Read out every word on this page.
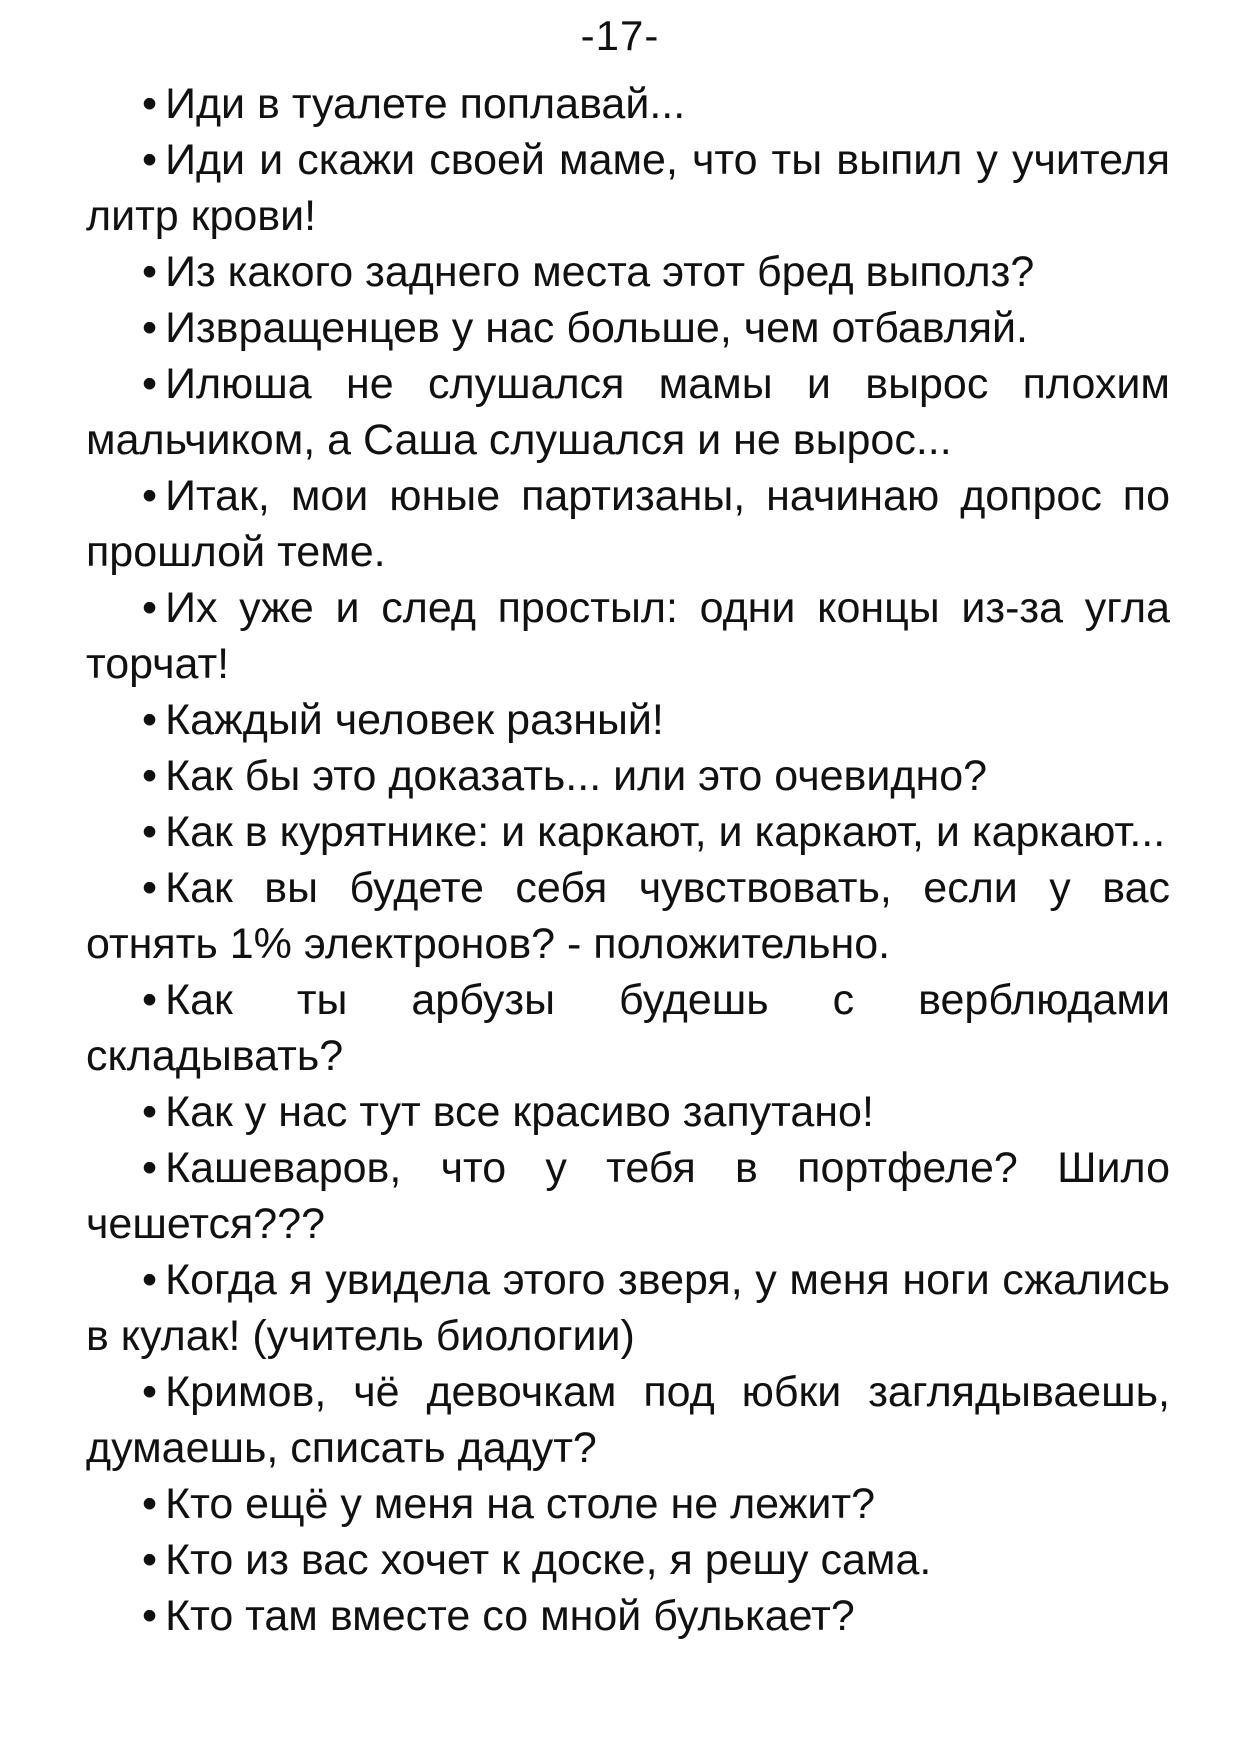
-17-

• Иди в туалете поплавай...

• Иди и скажи своей маме, что ты выпил у учителя литр крови!

• Из какого заднего места этот бред выполз?

• Извращенцев у нас больше, чем отбавляй.

• Илюша не слушался мамы и вырос плохим мальчиком, а Саша слушался и не вырос...

• Итак, мои юные партизаны, начинаю допрос по прошлой теме.

• Их уже и след простыл: одни концы из-за угла торчат!

• Каждый человек разный!

• Как бы это доказать... или это очевидно?

• Как в курятнике: и каркают, и каркают, и каркают...

• Как вы будете себя чувствовать, если у вас отнять 1% электронов? - положительно.

• Как ты арбузы будешь с верблюдами складывать?

• Как у нас тут все красиво запутано!

• Кашеваров, что у тебя в портфеле? Шило чешется???

• Когда я увидела этого зверя, у меня ноги сжались в кулак! (учитель биологии)

• Кримов, чё девочкам под юбки заглядываешь, думаешь, списать дадут?

• Кто ещё у меня на столе не лежит?

• Кто из вас хочет к доске, я решу сама.

• Кто там вместе со мной булькает?
